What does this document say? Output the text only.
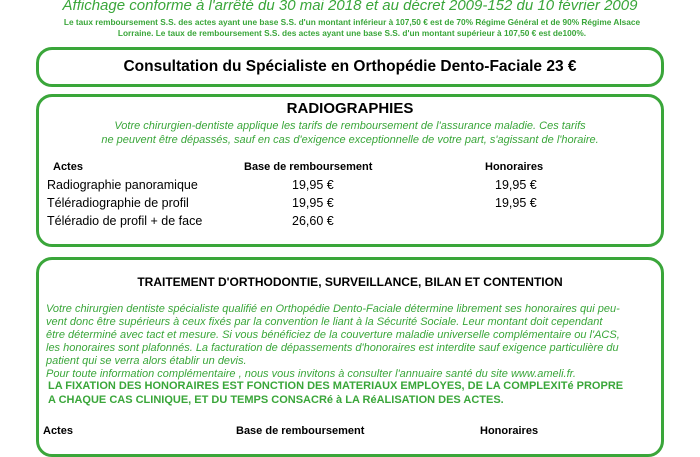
Affichage conforme à l'arrêté du 30 mai 2018 et au décret 2009-152 du 10 février 2009
Le taux remboursement S.S. des actes ayant une base S.S. d'un montant inférieur à 107,50 € est de 70% Régime Général et de 90% Régime Alsace
Lorraine. Le taux de remboursement S.S. des actes ayant une base S.S. d'un montant supérieur à 107,50 € est de100%.
Consultation du Spécialiste en Orthopédie Dento-Faciale 23 €
RADIOGRAPHIES
Votre chirurgien-dentiste applique les tarifs de remboursement de l'assurance maladie. Ces tarifs
ne peuvent être dépassés, sauf en cas d'exigence exceptionnelle de votre part, s'agissant de l'horaire.
Actes	Base de remboursement	Honoraires
Radiographie panoramique	19,95 €	19,95 €
Téléradiographie de profil	19,95 €	19,95 €
Téléradio de profil + de face	26,60 €
TRAITEMENT D'ORTHODONTIE, SURVEILLANCE, BILAN ET CONTENTION
Votre chirurgien dentiste spécialiste qualifié en Orthopédie Dento-Faciale détermine librement ses honoraires qui peu-
vent donc être supérieurs à ceux fixés par la convention le liant à la Sécurité Sociale. Leur montant doit cependant
être déterminé avec tact et mesure. Si vous bénéficiez de la couverture maladie universelle complémentaire ou l'ACS,
les honoraires sont plafonnés. La facturation de dépassements d'honoraires est interdite sauf exigence particulière du
patient qui se verra alors établir un devis.
Pour toute information complémentaire , nous vous invitons à consulter l'annuaire santé du site www.ameli.fr.
LA FIXATION DES HONORAIRES EST FONCTION DES MATERIAUX EMPLOYES, DE LA COMPLEXITé PROPRE
A CHAQUE CAS CLINIQUE, ET DU TEMPS CONSACRé à LA RéALISATION DES ACTES.
Actes	Base de remboursement	Honoraires
